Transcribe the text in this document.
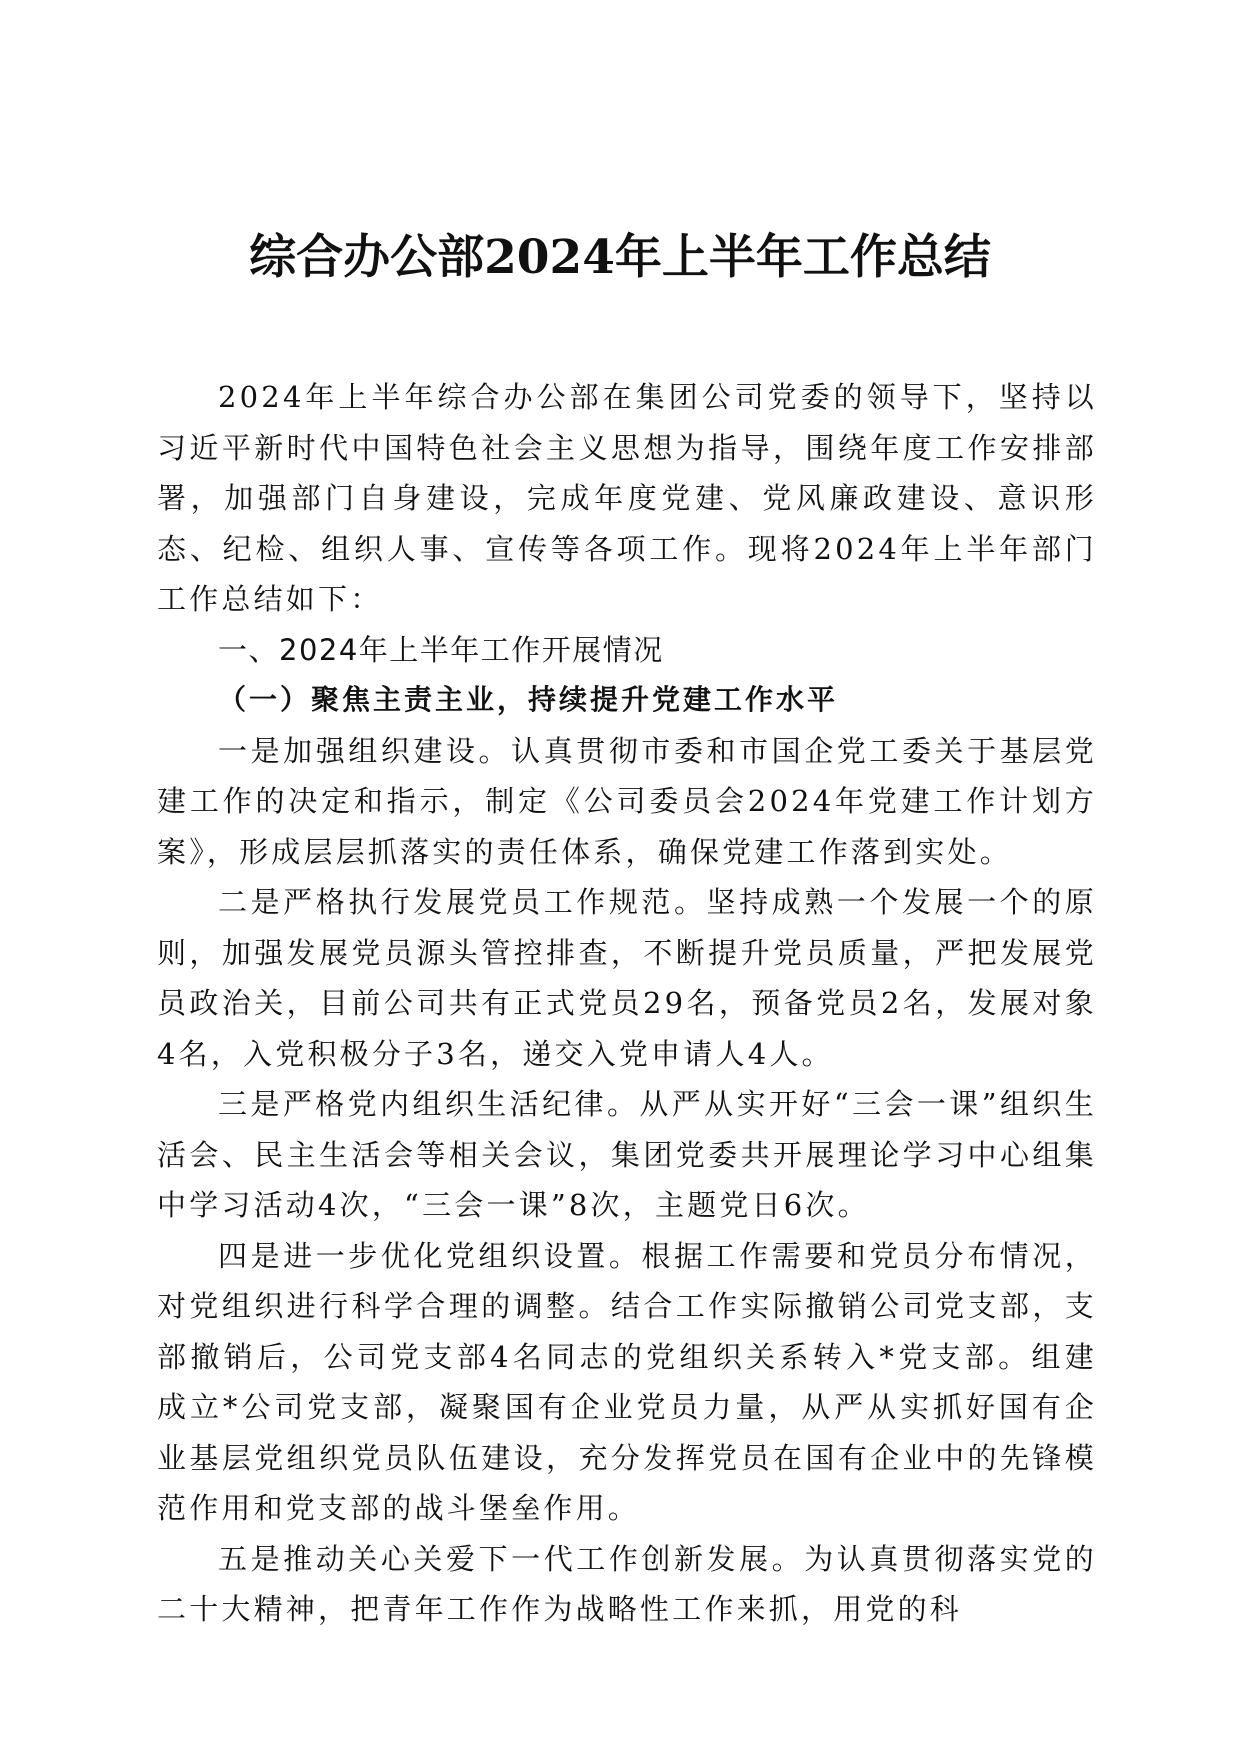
综合办公部2024年上半年工作总结

2024年上半年综合办公部在集团公司党委的领导下，坚持以习近平新时代中国特色社会主义思想为指导，围绕年度工作安排部署，加强部门自身建设，完成年度党建、党风廉政建设、意识形态、纪检、组织人事、宣传等各项工作。现将2024年上半年部门工作总结如下：

一、2024年上半年工作开展情况

（一）聚焦主责主业，持续提升党建工作水平

一是加强组织建设。认真贯彻市委和市国企党工委关于基层党建工作的决定和指示，制定《公司委员会2024年党建工作计划方案》，形成层层抓落实的责任体系，确保党建工作落到实处。

二是严格执行发展党员工作规范。坚持成熟一个发展一个的原则，加强发展党员源头管控排查，不断提升党员质量，严把发展党员政治关，目前公司共有正式党员29名，预备党员2名，发展对象4名，入党积极分子3名，递交入党申请人4人。

三是严格党内组织生活纪律。从严从实开好“三会一课”组织生活会、民主生活会等相关会议，集团党委共开展理论学习中心组集中学习活动4次，“三会一课”8次，主题党日6次。

四是进一步优化党组织设置。根据工作需要和党员分布情况，对党组织进行科学合理的调整。结合工作实际撤销公司党支部，支部撤销后，公司党支部4名同志的党组织关系转入*党支部。组建成立*公司党支部，凝聚国有企业党员力量，从严从实抓好国有企业基层党组织党员队伍建设，充分发挥党员在国有企业中的先锋模范作用和党支部的战斗堡垒作用。

五是推动关心关爱下一代工作创新发展。为认真贯彻落实党的二十大精神，把青年工作作为战略性工作来抓，用党的科
